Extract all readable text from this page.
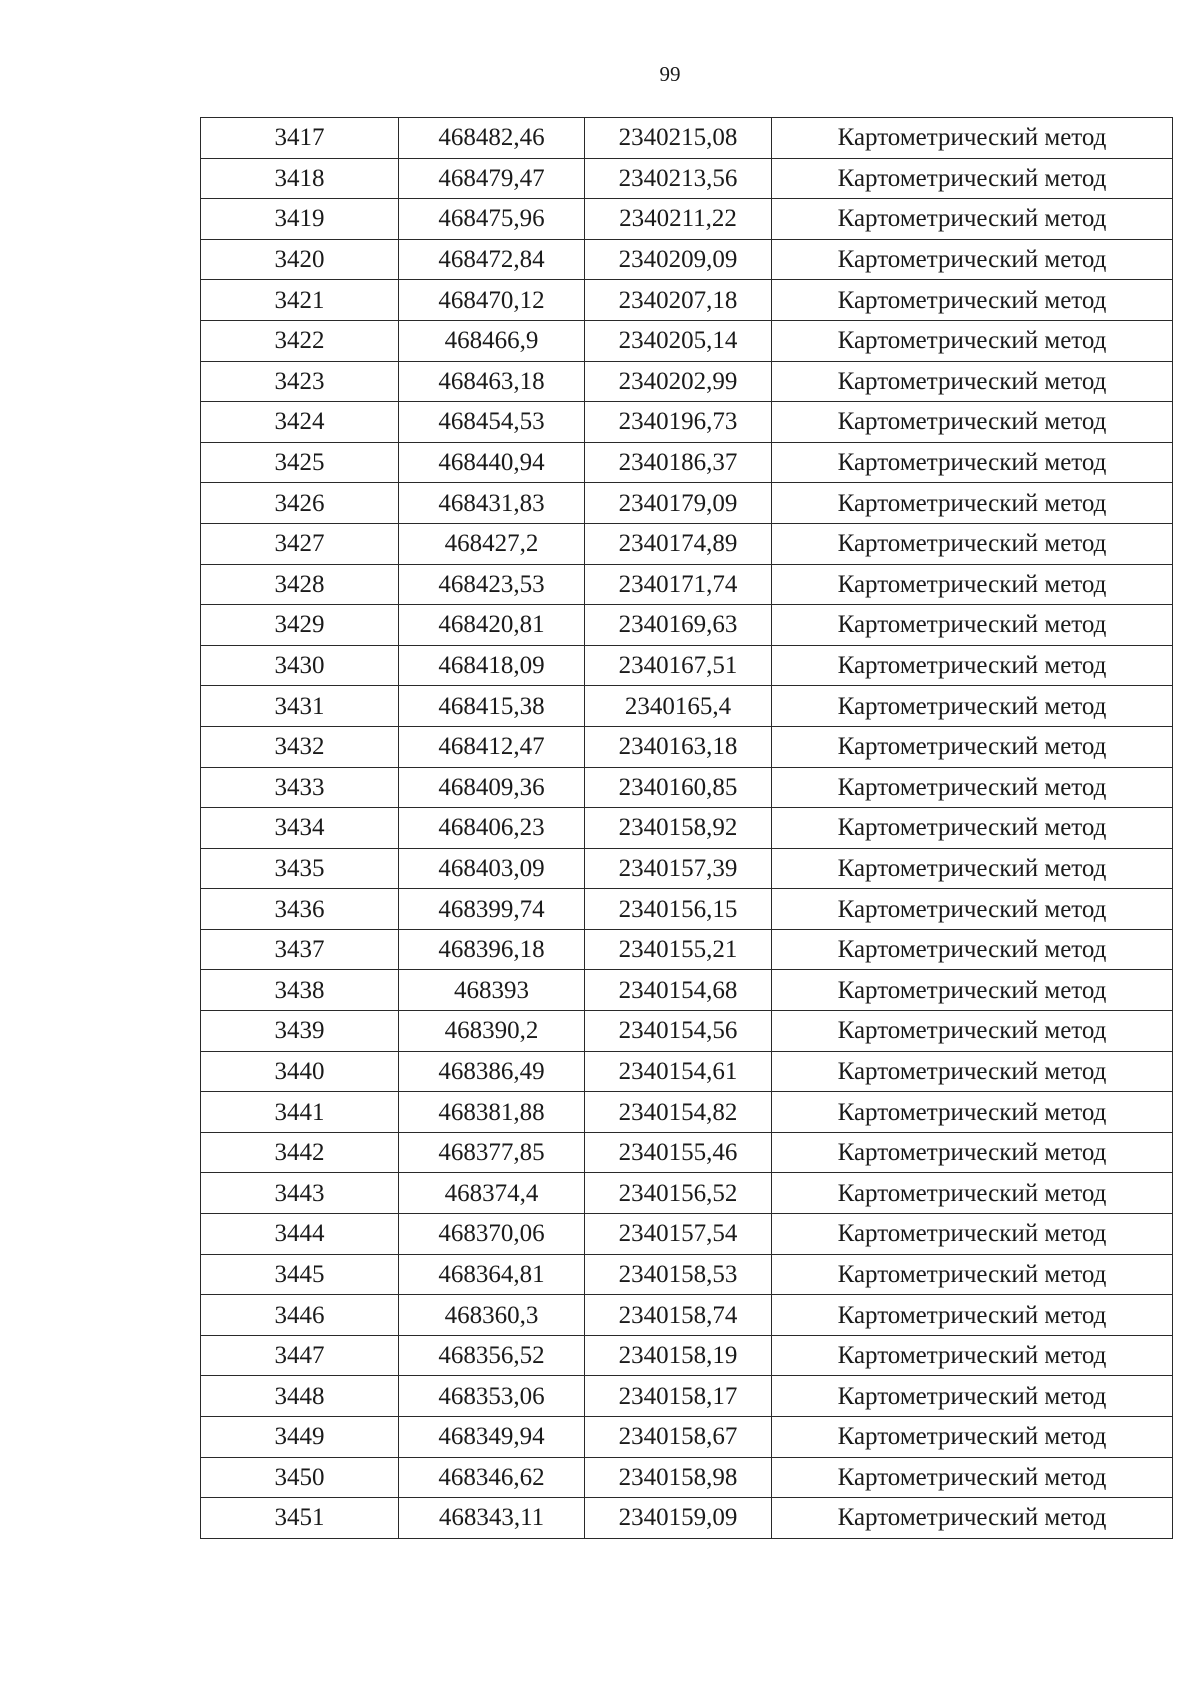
99
3417	468482,46	2340215,08	Картометрический метод
3418	468479,47	2340213,56	Картометрический метод
3419	468475,96	2340211,22	Картометрический метод
3420	468472,84	2340209,09	Картометрический метод
3421	468470,12	2340207,18	Картометрический метод
3422	468466,9	2340205,14	Картометрический метод
3423	468463,18	2340202,99	Картометрический метод
3424	468454,53	2340196,73	Картометрический метод
3425	468440,94	2340186,37	Картометрический метод
3426	468431,83	2340179,09	Картометрический метод
3427	468427,2	2340174,89	Картометрический метод
3428	468423,53	2340171,74	Картометрический метод
3429	468420,81	2340169,63	Картометрический метод
3430	468418,09	2340167,51	Картометрический метод
3431	468415,38	2340165,4	Картометрический метод
3432	468412,47	2340163,18	Картометрический метод
3433	468409,36	2340160,85	Картометрический метод
3434	468406,23	2340158,92	Картометрический метод
3435	468403,09	2340157,39	Картометрический метод
3436	468399,74	2340156,15	Картометрический метод
3437	468396,18	2340155,21	Картометрический метод
3438	468393	2340154,68	Картометрический метод
3439	468390,2	2340154,56	Картометрический метод
3440	468386,49	2340154,61	Картометрический метод
3441	468381,88	2340154,82	Картометрический метод
3442	468377,85	2340155,46	Картометрический метод
3443	468374,4	2340156,52	Картометрический метод
3444	468370,06	2340157,54	Картометрический метод
3445	468364,81	2340158,53	Картометрический метод
3446	468360,3	2340158,74	Картометрический метод
3447	468356,52	2340158,19	Картометрический метод
3448	468353,06	2340158,17	Картометрический метод
3449	468349,94	2340158,67	Картометрический метод
3450	468346,62	2340158,98	Картометрический метод
3451	468343,11	2340159,09	Картометрический метод
